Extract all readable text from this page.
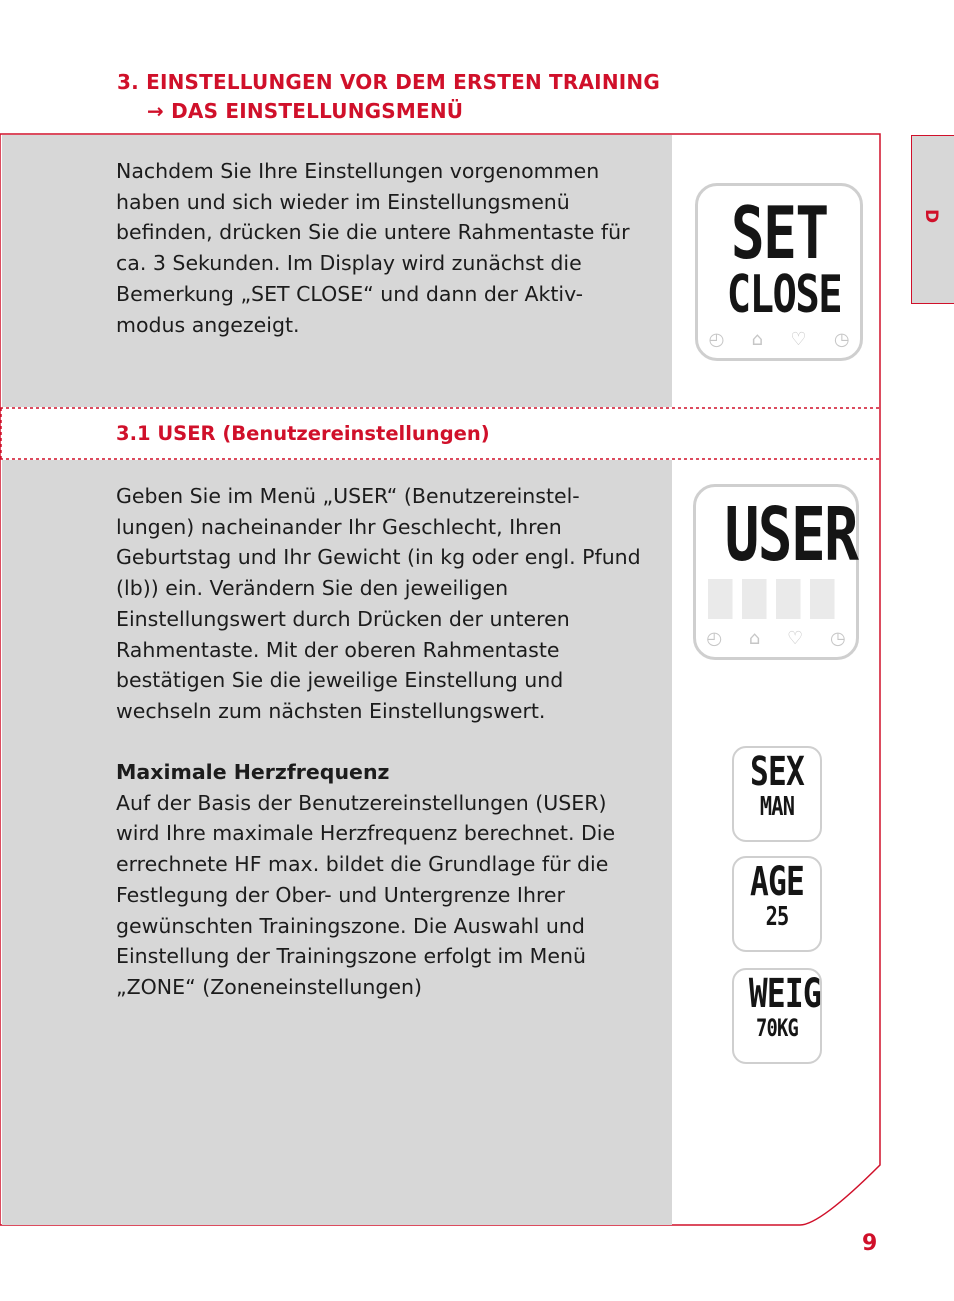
3. EINSTELLUNGEN VOR DEM ERSTEN TRAINING
→ DAS EINSTELLUNGSMENÜ
Nachdem Sie Ihre Einstellungen vorgenommen haben und sich wieder im Einstellungsmenü befinden, drücken Sie die untere Rahmentaste für ca. 3 Sekunden. Im Display wird zunächst die Bemerkung „SET CLOSE“ und dann der Aktiv-modus angezeigt.
3.1 USER (Benutzereinstellungen)
Geben Sie im Menü „USER“ (Benutzereinstel-lungen) nacheinander Ihr Geschlecht, Ihren Geburtstag und Ihr Gewicht (in kg oder engl. Pfund (lb)) ein. Verändern Sie den jeweiligen Einstellungswert durch Drücken der unteren Rahmentaste. Mit der oberen Rahmentaste bestätigen Sie die jeweilige Einstellung und wechseln zum nächsten Einstellungswert.
Maximale Herzfrequenz
Auf der Basis der Benutzereinstellungen (USER) wird Ihre maximale Herzfrequenz berechnet. Die errechnete HF max. bildet die Grundlage für die Festlegung der Ober- und Untergrenze Ihrer gewünschten Trainingszone. Die Auswahl und Einstellung der Trainingszone erfolgt im Menü „ZONE“ (Zoneneinstellungen)
D
9
SET
CLOSE
◴ ⌂ ♡ ◷
USER
◴ ⌂ ♡ ◷
SEX
MAN
AGE
25
WEIG
70KG
